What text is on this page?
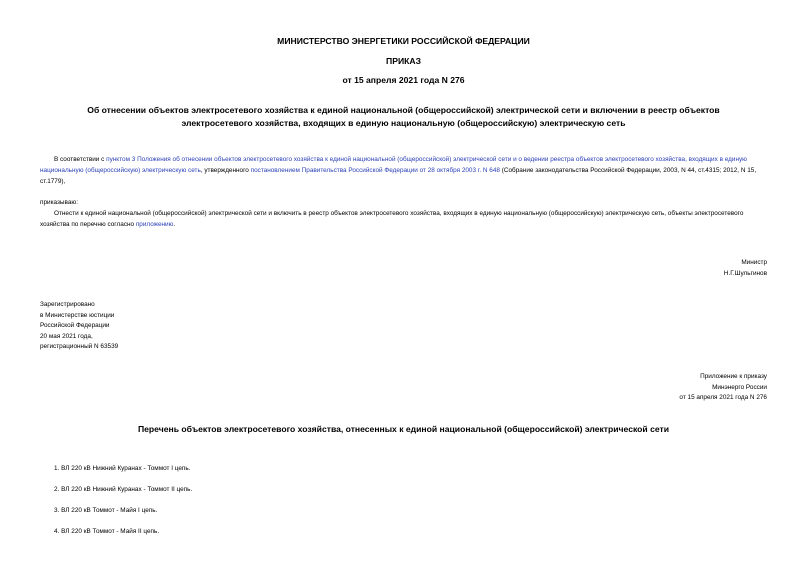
МИНИСТЕРСТВО ЭНЕРГЕТИКИ РОССИЙСКОЙ ФЕДЕРАЦИИ
ПРИКАЗ
от 15 апреля 2021 года N 276
Об отнесении объектов электросетевого хозяйства к единой национальной (общероссийской) электрической сети и включении в реестр объектов
электросетевого хозяйства, входящих в единую национальную (общероссийскую) электрическую сеть
В соответствии с пунктом 3 Положения об отнесении объектов электросетевого хозяйства к единой национальной (общероссийской) электрической сети и о ведении реестра объектов электросетевого хозяйства, входящих в единую национальную (общероссийскую) электрическую сеть, утвержденного постановлением Правительства Российской Федерации от 28 октября 2003 г. N 648 (Собрание законодательства Российской Федерации, 2003, N 44, ст.4315; 2012, N 15, ст.1779),
приказываю:
Отнести к единой национальной (общероссийской) электрической сети и включить в реестр объектов электросетевого хозяйства, входящих в единую национальную (общероссийскую) электрическую сеть, объекты электросетевого хозяйства по перечню согласно приложению.
Министр
Н.Г.Шульгинов
Зарегистрировано
в Министерстве юстиции
Российской Федерации
20 мая 2021 года,
регистрационный N 63539
Приложение к приказу
Минэнерго России
от 15 апреля 2021 года N 276
Перечень объектов электросетевого хозяйства, отнесенных к единой национальной (общероссийской) электрической сети
1. ВЛ 220 кВ Нижний Куранах - Томмот I цепь.
2. ВЛ 220 кВ Нижний Куранах - Томмот II цепь.
3. ВЛ 220 кВ Томмот - Майя I цепь.
4. ВЛ 220 кВ Томмот - Майя II цепь.
